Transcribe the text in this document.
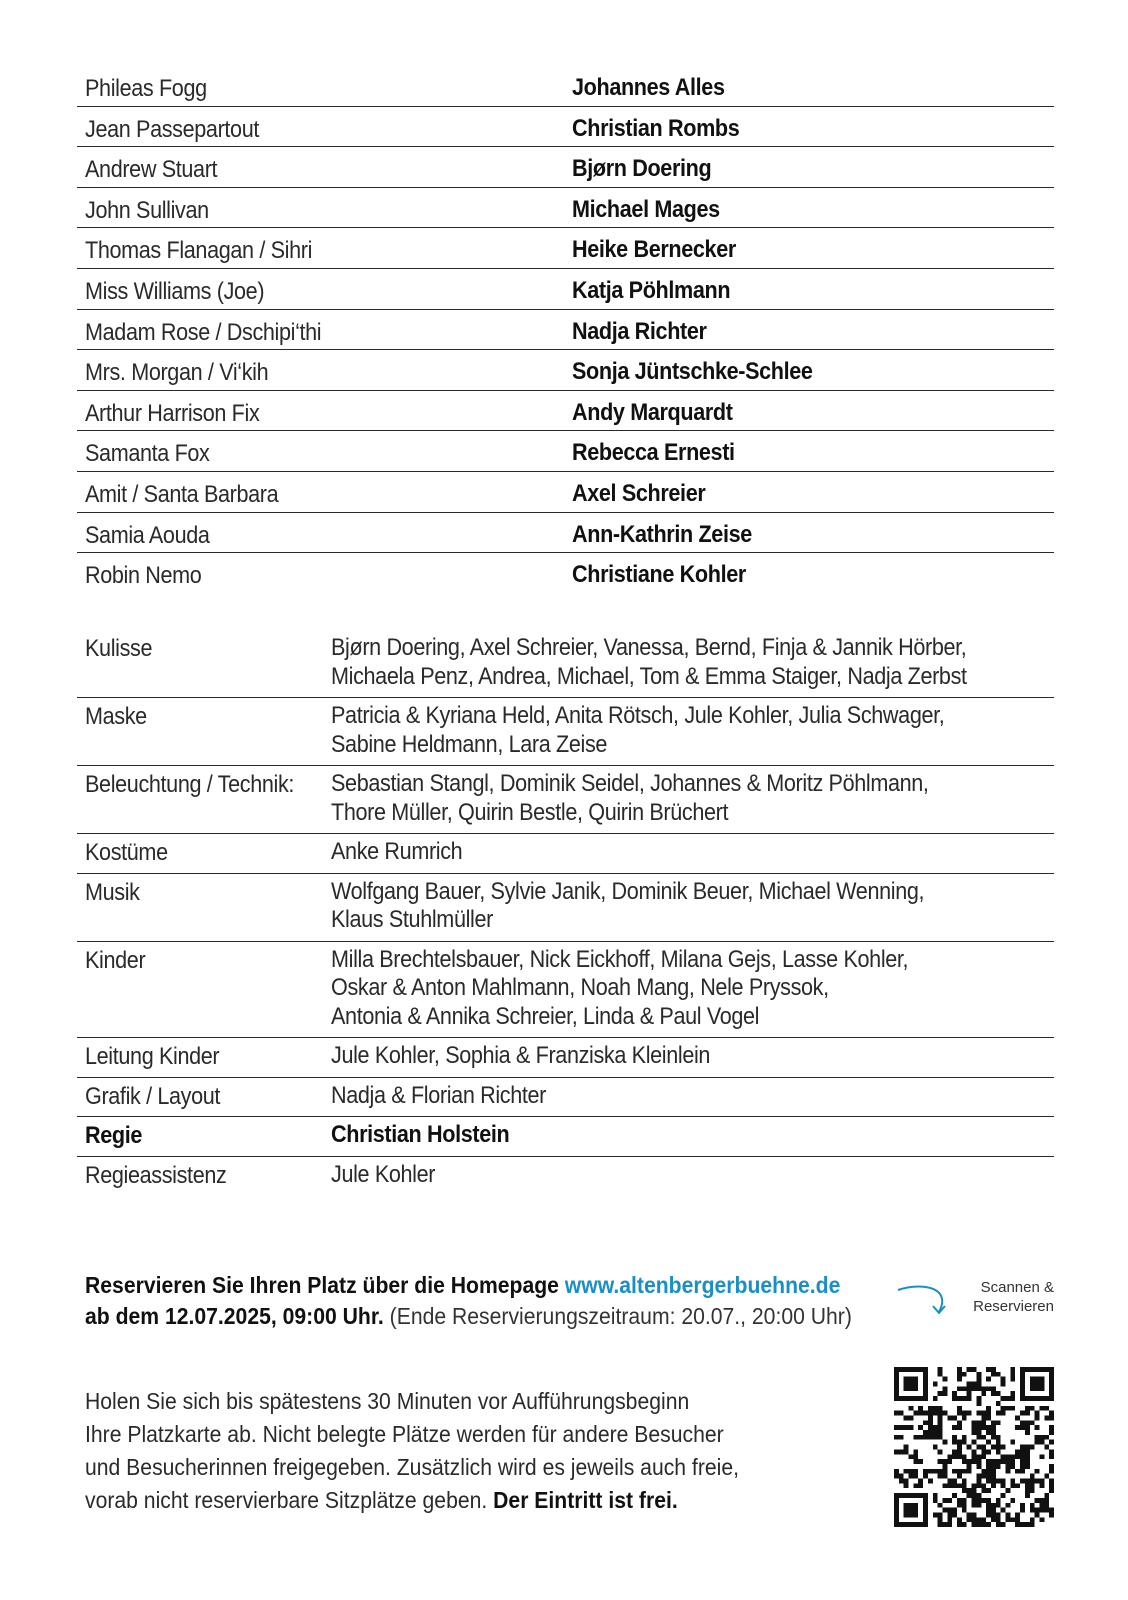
Phileas Fogg	Johannes Alles
Jean Passepartout	Christian Rombs
Andrew Stuart	Bjørn Doering
John Sullivan	Michael Mages
Thomas Flanagan / Sihri	Heike Bernecker
Miss Williams (Joe)	Katja Pöhlmann
Madam Rose / Dschipi‘thi	Nadja Richter
Mrs. Morgan / Vi‘kih	Sonja Jüntschke-Schlee
Arthur Harrison Fix	Andy Marquardt
Samanta Fox	Rebecca Ernesti
Amit / Santa Barbara	Axel Schreier
Samia Aouda	Ann-Kathrin Zeise
Robin Nemo	Christiane Kohler
Kulisse	Bjørn Doering, Axel Schreier, Vanessa, Bernd, Finja & Jannik Hörber,
Michaela Penz, Andrea, Michael, Tom & Emma Staiger, Nadja Zerbst
Maske	Patricia & Kyriana Held, Anita Rötsch, Jule Kohler, Julia Schwager,
Sabine Heldmann, Lara Zeise
Beleuchtung / Technik: Sebastian Stangl, Dominik Seidel, Johannes & Moritz Pöhlmann,
Thore Müller, Quirin Bestle, Quirin Brüchert
Kostüme	Anke Rumrich
Musik	Wolfgang Bauer, Sylvie Janik, Dominik Beuer, Michael Wenning,
Klaus Stuhlmüller
Kinder	Milla Brechtelsbauer, Nick Eickhoff, Milana Gejs, Lasse Kohler,
Oskar & Anton Mahlmann, Noah Mang, Nele Pryssok,
Antonia & Annika Schreier, Linda & Paul Vogel
Leitung Kinder	Jule Kohler, Sophia & Franziska Kleinlein
Grafik / Layout	Nadja & Florian Richter
Regie	Christian Holstein
Regieassistenz	Jule Kohler
Reservieren Sie Ihren Platz über die Homepage www.altenbergerbuehne.de
ab dem 12.07.2025, 09:00 Uhr. (Ende Reservierungszeitraum: 20.07., 20:00 Uhr)
Scannen &
Reservieren
Holen Sie sich bis spätestens 30 Minuten vor Aufführungsbeginn
Ihre Platzkarte ab. Nicht belegte Plätze werden für andere Besucher
und Besucherinnen freigegeben. Zusätzlich wird es jeweils auch freie,
vorab nicht reservierbare Sitzplätze geben. Der Eintritt ist frei.
